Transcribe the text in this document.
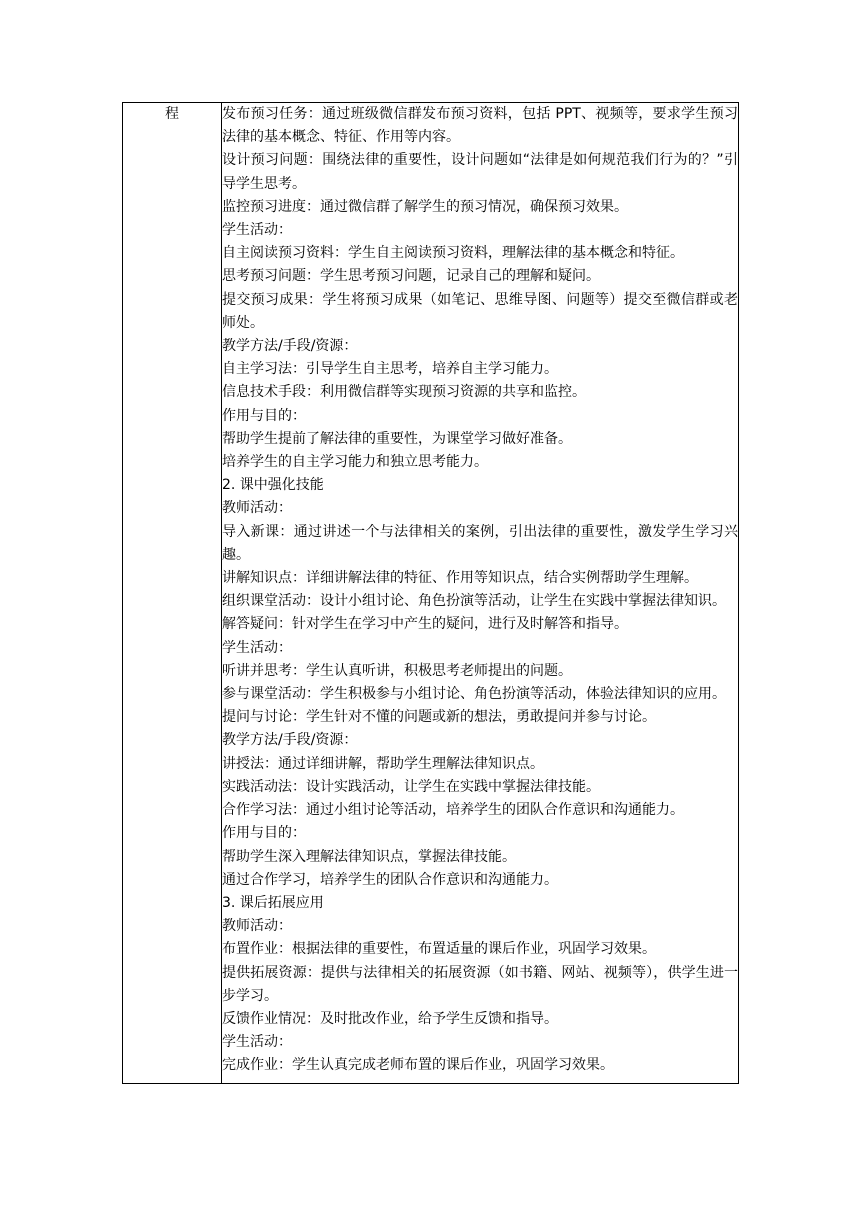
程	发布预习任务：通过班级微信群发布预习资料，包括 PPT、视频等，要求学生预习法律的基本概念、特征、作用等内容。

设计预习问题：围绕法律的重要性，设计问题如“法律是如何规范我们行为的？”引导学生思考。

监控预习进度：通过微信群了解学生的预习情况，确保预习效果。

学生活动：

自主阅读预习资料：学生自主阅读预习资料，理解法律的基本概念和特征。

思考预习问题：学生思考预习问题，记录自己的理解和疑问。

提交预习成果：学生将预习成果（如笔记、思维导图、问题等）提交至微信群或老师处。

教学方法/手段/资源：

自主学习法：引导学生自主思考，培养自主学习能力。

信息技术手段：利用微信群等实现预习资源的共享和监控。

作用与目的：

帮助学生提前了解法律的重要性，为课堂学习做好准备。

培养学生的自主学习能力和独立思考能力。

2. 课中强化技能

教师活动：

导入新课：通过讲述一个与法律相关的案例，引出法律的重要性，激发学生学习兴趣。

讲解知识点：详细讲解法律的特征、作用等知识点，结合实例帮助学生理解。

组织课堂活动：设计小组讨论、角色扮演等活动，让学生在实践中掌握法律知识。

解答疑问：针对学生在学习中产生的疑问，进行及时解答和指导。

学生活动：

听讲并思考：学生认真听讲，积极思考老师提出的问题。

参与课堂活动：学生积极参与小组讨论、角色扮演等活动，体验法律知识的应用。

提问与讨论：学生针对不懂的问题或新的想法，勇敢提问并参与讨论。

教学方法/手段/资源：

讲授法：通过详细讲解，帮助学生理解法律知识点。

实践活动法：设计实践活动，让学生在实践中掌握法律技能。

合作学习法：通过小组讨论等活动，培养学生的团队合作意识和沟通能力。

作用与目的：

帮助学生深入理解法律知识点，掌握法律技能。

通过合作学习，培养学生的团队合作意识和沟通能力。

3. 课后拓展应用

教师活动：

布置作业：根据法律的重要性，布置适量的课后作业，巩固学习效果。

提供拓展资源：提供与法律相关的拓展资源（如书籍、网站、视频等），供学生进一步学习。

反馈作业情况：及时批改作业，给予学生反馈和指导。

学生活动：

完成作业：学生认真完成老师布置的课后作业，巩固学习效果。
